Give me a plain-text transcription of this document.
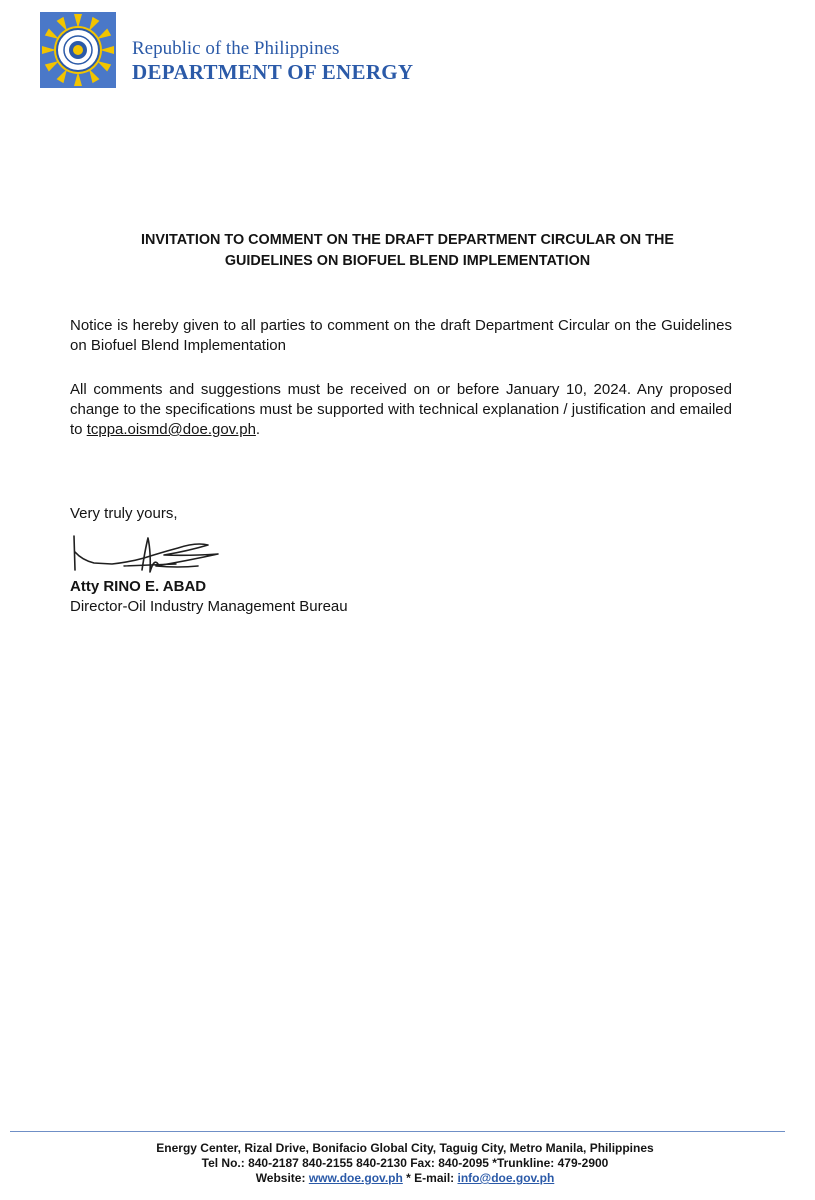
Republic of the Philippines
DEPARTMENT OF ENERGY
INVITATION TO COMMENT ON THE DRAFT DEPARTMENT CIRCULAR ON THE
GUIDELINES ON BIOFUEL BLEND IMPLEMENTATION
Notice is hereby given to all parties to comment on the draft Department Circular on the Guidelines on Biofuel Blend Implementation
All comments and suggestions must be received on or before January 10, 2024. Any proposed change to the specifications must be supported with technical explanation / justification and emailed to tcppa.oismd@doe.gov.ph.
Very truly yours,
Atty RINO E. ABAD
Director-Oil Industry Management Bureau
Energy Center, Rizal Drive, Bonifacio Global City, Taguig City, Metro Manila, Philippines
Tel No.: 840-2187 840-2155 840-2130 Fax: 840-2095 *Trunkline: 479-2900
Website: www.doe.gov.ph * E-mail: info@doe.gov.ph
